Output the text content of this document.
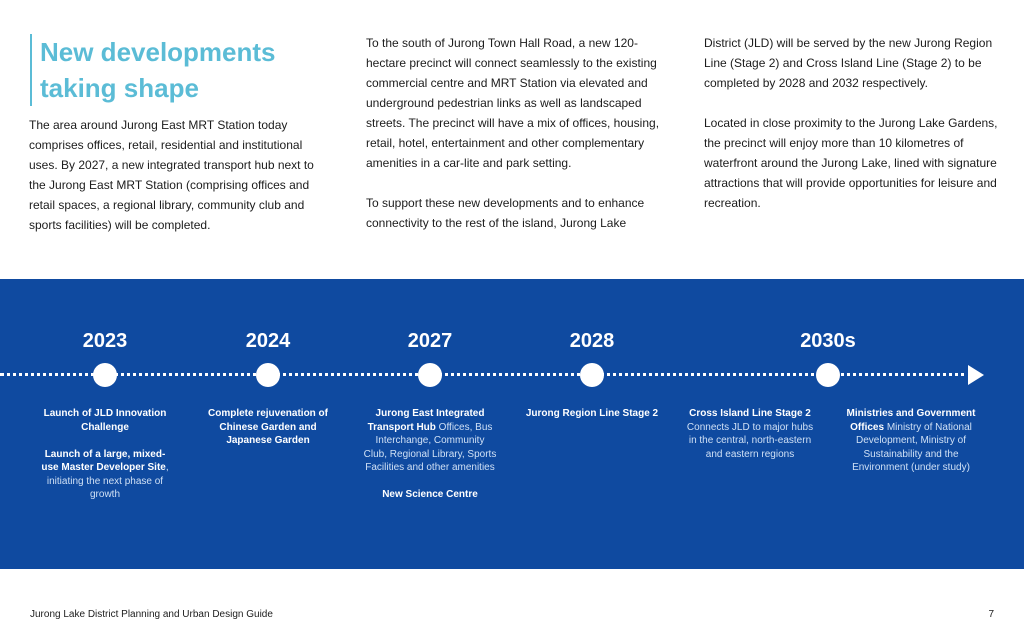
New developments
taking shape

The area around Jurong East MRT Station today comprises offices, retail, residential and institutional uses. By 2027, a new integrated transport hub next to the Jurong East MRT Station (comprising offices and retail spaces, a regional library, community club and sports facilities) will be completed.

To the south of Jurong Town Hall Road, a new 120-hectare precinct will connect seamlessly to the existing commercial centre and MRT Station via elevated and underground pedestrian links as well as landscaped streets. The precinct will have a mix of offices, housing, retail, hotel, entertainment and other complementary amenities in a car-lite and park setting.

To support these new developments and to enhance connectivity to the rest of the island, Jurong Lake

District (JLD) will be served by the new Jurong Region Line (Stage 2) and Cross Island Line (Stage 2) to be completed by 2028 and 2032 respectively.

Located in close proximity to the Jurong Lake Gardens, the precinct will enjoy more than 10 kilometres of waterfront around the Jurong Lake, lined with signature attractions that will provide opportunities for leisure and recreation.

2023

Launch of JLD Innovation Challenge

Launch of a large, mixed-use Master Developer Site, initiating the next phase of growth

2024

Complete rejuvenation of Chinese Garden and Japanese Garden

2027

Jurong East Integrated Transport Hub Offices, Bus Interchange, Community Club, Regional Library, Sports Facilities and other amenities

New Science Centre

2028

Jurong Region Line Stage 2

2030s

Cross Island Line Stage 2 Connects JLD to major hubs in the central, north-eastern and eastern regions

Ministries and Government Offices Ministry of National Development, Ministry of Sustainability and the Environment (under study)

Jurong Lake District Planning and Urban Design Guide	7
